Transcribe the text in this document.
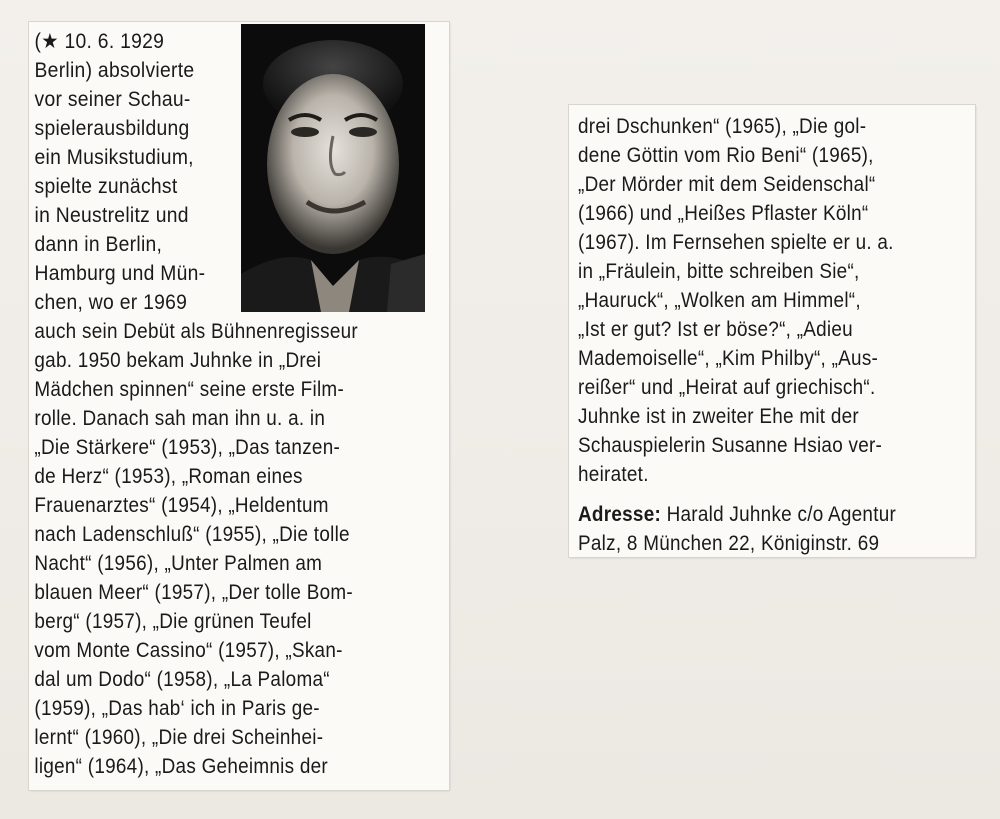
(★ 10. 6. 1929
Berlin) absolvierte
vor seiner Schau-
spielerausbildung
ein Musikstudium,
spielte zunächst
in Neustrelitz und
dann in Berlin,
Hamburg und Mün-
chen, wo er 1969
auch sein Debüt als Bühnenregisseur
gab. 1950 bekam Juhnke in „Drei
Mädchen spinnen“ seine erste Film-
rolle. Danach sah man ihn u. a. in
„Die Stärkere“ (1953), „Das tanzen-
de Herz“ (1953), „Roman eines
Frauenarztes“ (1954), „Heldentum
nach Ladenschluß“ (1955), „Die tolle
Nacht“ (1956), „Unter Palmen am
blauen Meer“ (1957), „Der tolle Bom-
berg“ (1957), „Die grünen Teufel
vom Monte Cassino“ (1957), „Skan-
dal um Dodo“ (1958), „La Paloma“
(1959), „Das hab‘ ich in Paris ge-
lernt“ (1960), „Die drei Scheinhei-
ligen“ (1964), „Das Geheimnis der
drei Dschunken“ (1965), „Die gol-
dene Göttin vom Rio Beni“ (1965),
„Der Mörder mit dem Seidenschal“
(1966) und „Heißes Pflaster Köln“
(1967). Im Fernsehen spielte er u. a.
in „Fräulein, bitte schreiben Sie“,
„Hauruck“, „Wolken am Himmel“,
„Ist er gut? Ist er böse?“, „Adieu
Mademoiselle“, „Kim Philby“, „Aus-
reißer“ und „Heirat auf griechisch“.
Juhnke ist in zweiter Ehe mit der
Schauspielerin Susanne Hsiao ver-
heiratet.
Adresse: Harald Juhnke c/o Agentur
Palz, 8 München 22, Königinstr. 69
